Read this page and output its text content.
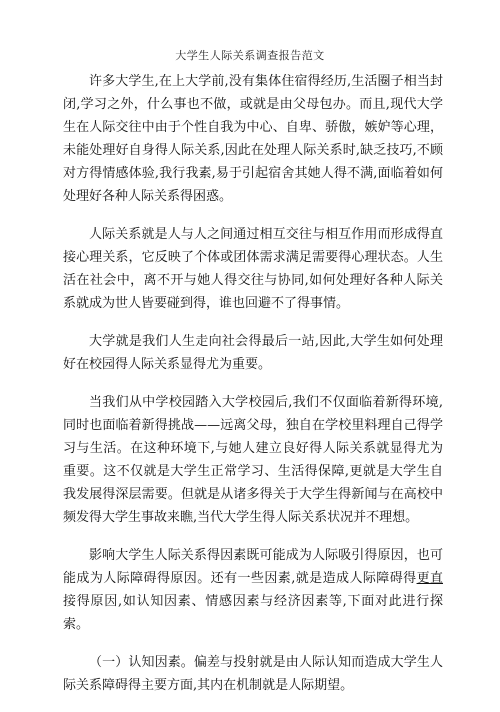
大学生人际关系调查报告范文

许多大学生,在上大学前,没有集体住宿得经历,生活圈子相当封闭,学习之外，什么事也不做，或就是由父母包办。而且,现代大学生在人际交往中由于个性自我为中心、自卑、骄傲，嫉妒等心理，未能处理好自身得人际关系,因此在处理人际关系时,缺乏技巧,不顾对方得情感体验,我行我素,易于引起宿舍其她人得不满,面临着如何处理好各种人际关系得困惑。

人际关系就是人与人之间通过相互交往与相互作用而形成得直接心理关系，它反映了个体或团体需求满足需要得心理状态。人生活在社会中，离不开与她人得交往与协同,如何处理好各种人际关系就成为世人皆要碰到得，谁也回避不了得事情。

大学就是我们人生走向社会得最后一站,因此,大学生如何处理好在校园得人际关系显得尤为重要。

当我们从中学校园踏入大学校园后,我们不仅面临着新得环境,同时也面临着新得挑战——远离父母，独自在学校里料理自己得学习与生活。在这种环境下,与她人建立良好得人际关系就显得尤为重要。这不仅就是大学生正常学习、生活得保障,更就是大学生自我发展得深层需要。但就是从诸多得关于大学生得新闻与在高校中频发得大学生事故来瞧,当代大学生得人际关系状况并不理想。

影响大学生人际关系得因素既可能成为人际吸引得原因，也可能成为人际障碍得原因。还有一些因素,就是造成人际障碍得更直接得原因,如认知因素、情感因素与经济因素等,下面对此进行探索。

（一）认知因素。偏差与投射就是由人际认知而造成大学生人际关系障碍得主要方面,其内在机制就是人际期望。
